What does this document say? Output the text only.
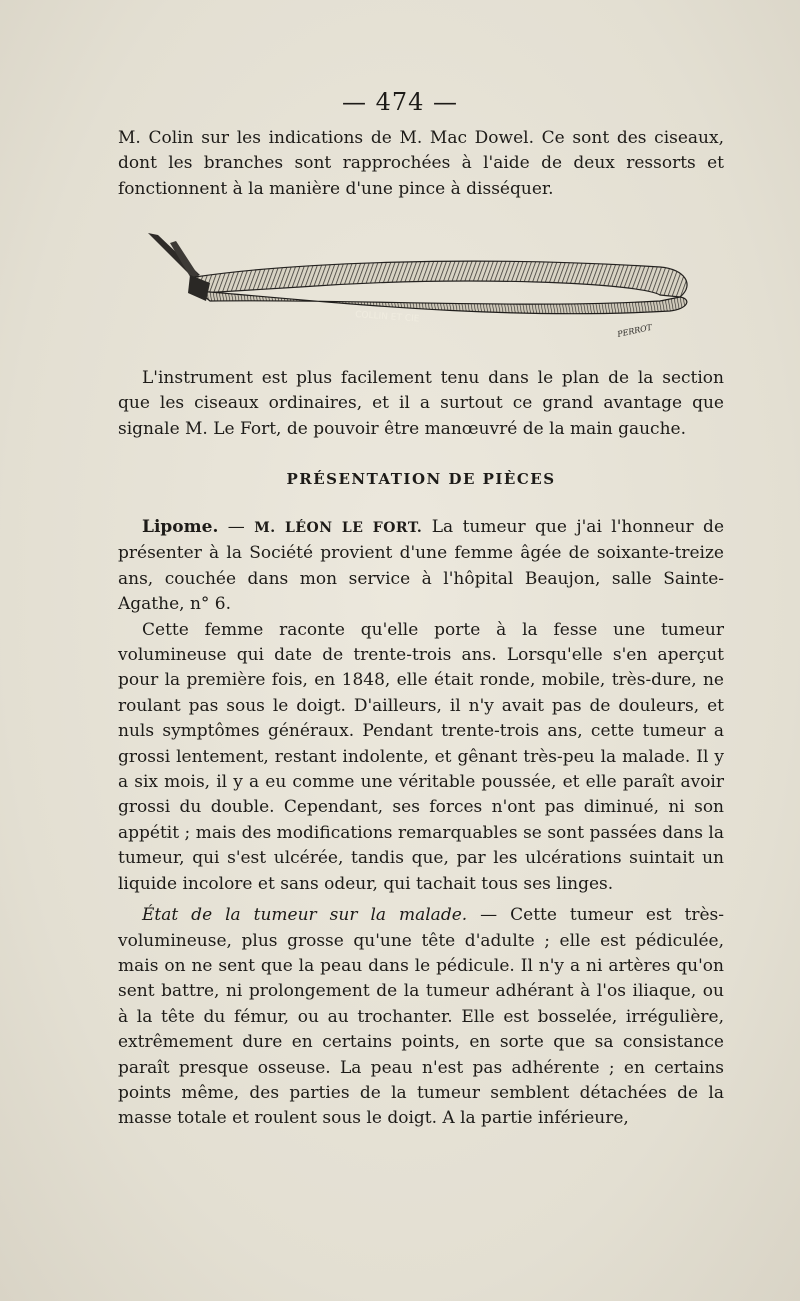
— 474 —

M. Colin sur les indications de M. Mac Dowel. Ce sont des ciseaux, dont les branches sont rapprochées à l'aide de deux ressorts et fonctionnent à la manière d'une pince à disséquer.

COLLIN ET CIE
PERROT

L'instrument est plus facilement tenu dans le plan de la section que les ciseaux ordinaires, et il a surtout ce grand avantage que signale M. Le Fort, de pouvoir être manœuvré de la main gauche.

PRÉSENTATION DE PIÈCES

Lipome. — M. LÉON LE FORT. La tumeur que j'ai l'honneur de présenter à la Société provient d'une femme âgée de soixante-treize ans, couchée dans mon service à l'hôpital Beaujon, salle Sainte-Agathe, n° 6.

Cette femme raconte qu'elle porte à la fesse une tumeur volumineuse qui date de trente-trois ans. Lorsqu'elle s'en aperçut pour la première fois, en 1848, elle était ronde, mobile, très-dure, ne roulant pas sous le doigt. D'ailleurs, il n'y avait pas de douleurs, et nuls symptômes généraux. Pendant trente-trois ans, cette tumeur a grossi lentement, restant indolente, et gênant très-peu la malade. Il y a six mois, il y a eu comme une véritable poussée, et elle paraît avoir grossi du double. Cependant, ses forces n'ont pas diminué, ni son appétit ; mais des modifications remarquables se sont passées dans la tumeur, qui s'est ulcérée, tandis que, par les ulcérations suintait un liquide incolore et sans odeur, qui tachait tous ses linges.

État de la tumeur sur la malade. — Cette tumeur est très-volumineuse, plus grosse qu'une tête d'adulte ; elle est pédiculée, mais on ne sent que la peau dans le pédicule. Il n'y a ni artères qu'on sent battre, ni prolongement de la tumeur adhérant à l'os iliaque, ou à la tête du fémur, ou au trochanter. Elle est bosselée, irrégulière, extrêmement dure en certains points, en sorte que sa consistance paraît presque osseuse. La peau n'est pas adhérente ; en certains points même, des parties de la tumeur semblent détachées de la masse totale et roulent sous le doigt. A la partie inférieure,
